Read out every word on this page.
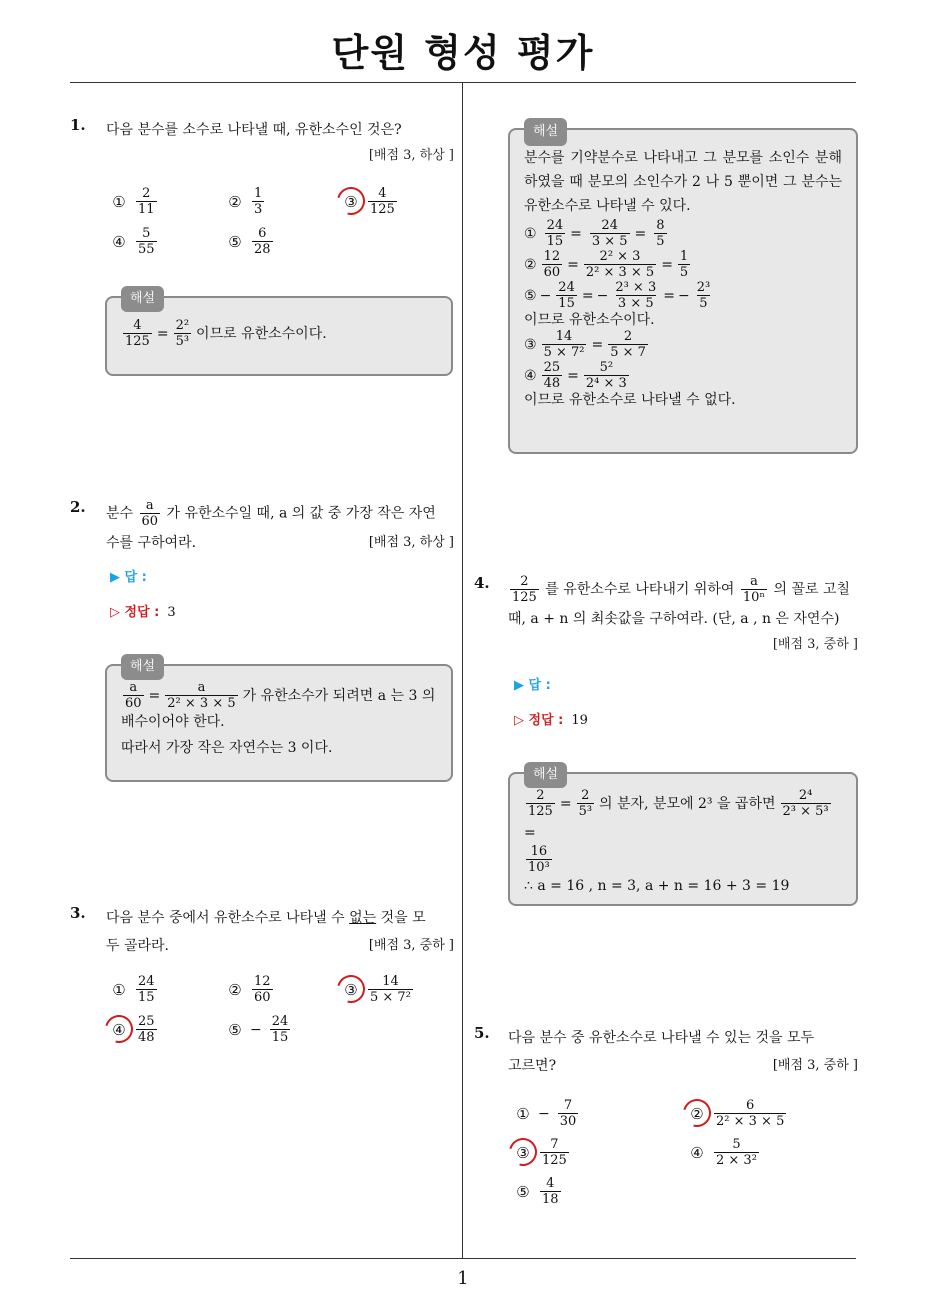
단원 형성 평가
1
1. 다음 분수를 소수로 나타낼 때, 유한소수인 것은?
[배점 3, 하상 ]
① $\frac{2}{11}$	② $\frac{1}{3}$	③ $\frac{4}{125}$
④ $\frac{5}{55}$	⑤ $\frac{6}{28}$
해설
$\frac{4}{125} = \frac{\text{2²}}{\text{5³}}$ 이므로 유한소수이다.
2. 분수 $\frac{a}{60}$ 가 유한소수일 때, a 의 값 중 가장 작은 자연
수를 구하여라.	[배점 3, 하상 ]
▶ 답 :
▷ 정답 : 3
해설
$\frac{a}{60} = \frac{a}{\text{2² × 3 × 5}}$ 가 유한소수가 되려면 a 는 3 의
배수이어야 한다.
따라서 가장 작은 자연수는 3 이다.
3. 다음 분수 중에서 유한소수로 나타낼 수 없는 것을 모
두 골라라.	[배점 3, 중하 ]
① $\frac{24}{15}$	② $\frac{12}{60}$	③ $\frac{14}{\text{5 × 7²}}$
④ $\frac{25}{48}$	⑤ − $\frac{24}{15}$
해설
분수를 기약분수로 나타내고 그 분모를 소인수 분해하였을 때 분모의 소인수가 2 나 5 뿐이면 그 분수는 유한소수로 나타낼 수 있다.
① $\frac{24}{15} = \frac{24}{3 \times 5} = \frac{8}{5}$
② $\frac{12}{60} = \frac{\text{2² × 3}}{\text{2² × 3 × 5}} = \frac{1}{5}$
⑤ − $\frac{24}{15}$ = − $\frac{\text{2³ × 3}}{3 \times 5}$ = − $\frac{\text{2³}}{5}$
이므로 유한소수이다.
③ $\frac{14}{\text{5 × 7²}} = \frac{2}{5 \times 7}$
④ $\frac{25}{48} = \frac{\text{5²}}{\text{2⁴ × 3}}$
이므로 유한소수로 나타낼 수 없다.
4. $\frac{2}{125}$ 를 유한소수로 나타내기 위하여 $\frac{a}{\text{10ⁿ}}$ 의 꼴로 고칠
때, a + n 의 최솟값을 구하여라. (단, a , n 은 자연수)
[배점 3, 중하 ]
▶ 답 :
▷ 정답 : 19
해설
$\frac{2}{125} = \frac{2}{\text{5³}}$ 의 분자, 분모에 2³ 을 곱하면 $\frac{\text{2⁴}}{\text{2³ × 5³}}$
=
$\frac{16}{\text{10³}}$
∴ a = 16 , n = 3, a + n = 16 + 3 = 19
5. 다음 분수 중 유한소수로 나타낼 수 있는 것을 모두
고르면?	[배점 3, 중하 ]
① − $\frac{7}{30}$	② $\frac{6}{\text{2² × 3 × 5}}$
③ $\frac{7}{125}$	④ $\frac{5}{\text{2 × 3²}}$
⑤ $\frac{4}{18}$
